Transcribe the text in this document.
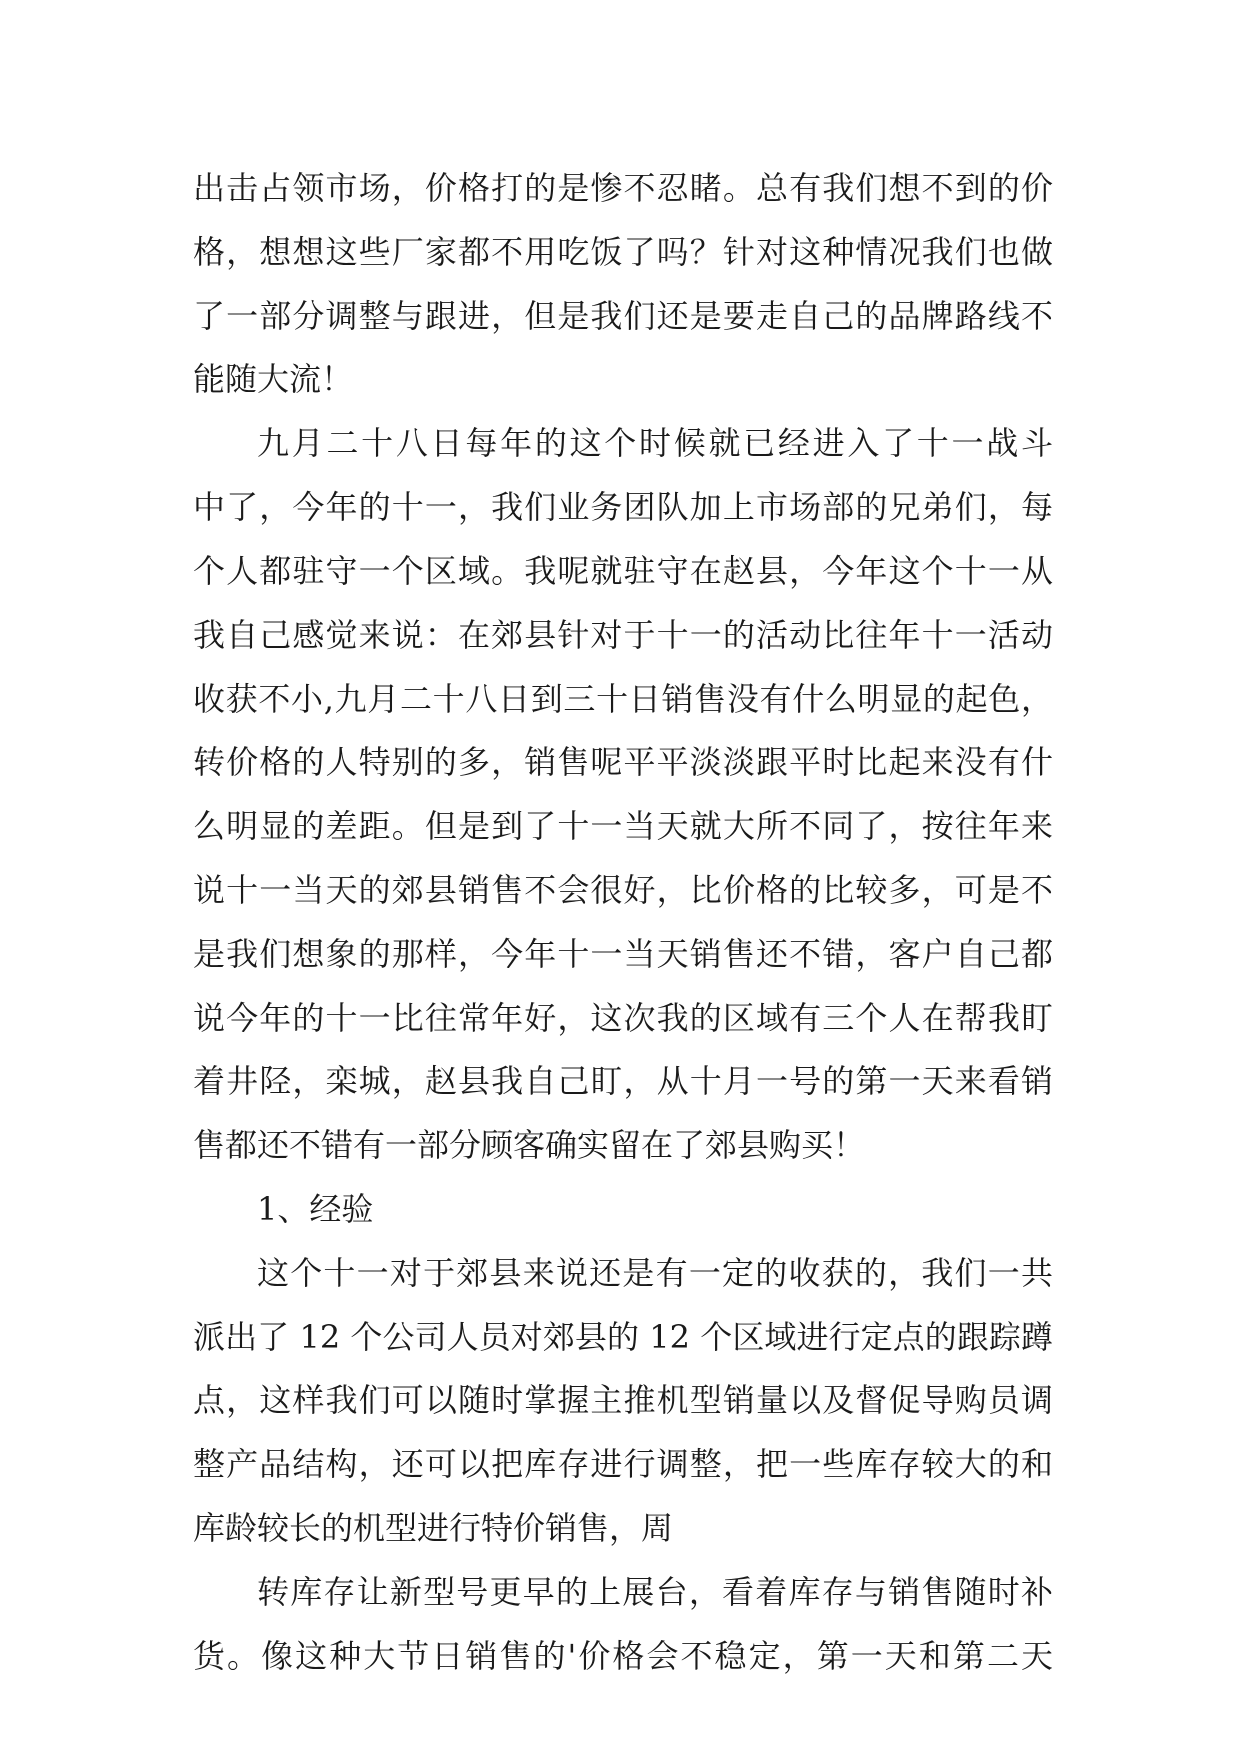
出击占领市场，价格打的是惨不忍睹。总有我们想不到的价
格，想想这些厂家都不用吃饭了吗？针对这种情况我们也做
了一部分调整与跟进，但是我们还是要走自己的品牌路线不
能随大流！
九月二十八日每年的这个时候就已经进入了十一战斗
中了，今年的十一，我们业务团队加上市场部的兄弟们，每
个人都驻守一个区域。我呢就驻守在赵县，今年这个十一从
我自己感觉来说：在郊县针对于十一的活动比往年十一活动
收获不小,九月二十八日到三十日销售没有什么明显的起色，
转价格的人特别的多，销售呢平平淡淡跟平时比起来没有什
么明显的差距。但是到了十一当天就大所不同了，按往年来
说十一当天的郊县销售不会很好，比价格的比较多，可是不
是我们想象的那样，今年十一当天销售还不错，客户自己都
说今年的十一比往常年好，这次我的区域有三个人在帮我盯
着井陉，栾城，赵县我自己盯，从十月一号的第一天来看销
售都还不错有一部分顾客确实留在了郊县购买！
1、经验
这个十一对于郊县来说还是有一定的收获的，我们一共
派出了 12 个公司人员对郊县的 12 个区域进行定点的跟踪蹲
点，这样我们可以随时掌握主推机型销量以及督促导购员调
整产品结构，还可以把库存进行调整，把一些库存较大的和
库龄较长的机型进行特价销售，周
转库存让新型号更早的上展台，看着库存与销售随时补
货。像这种大节日销售的'价格会不稳定，第一天和第二天
